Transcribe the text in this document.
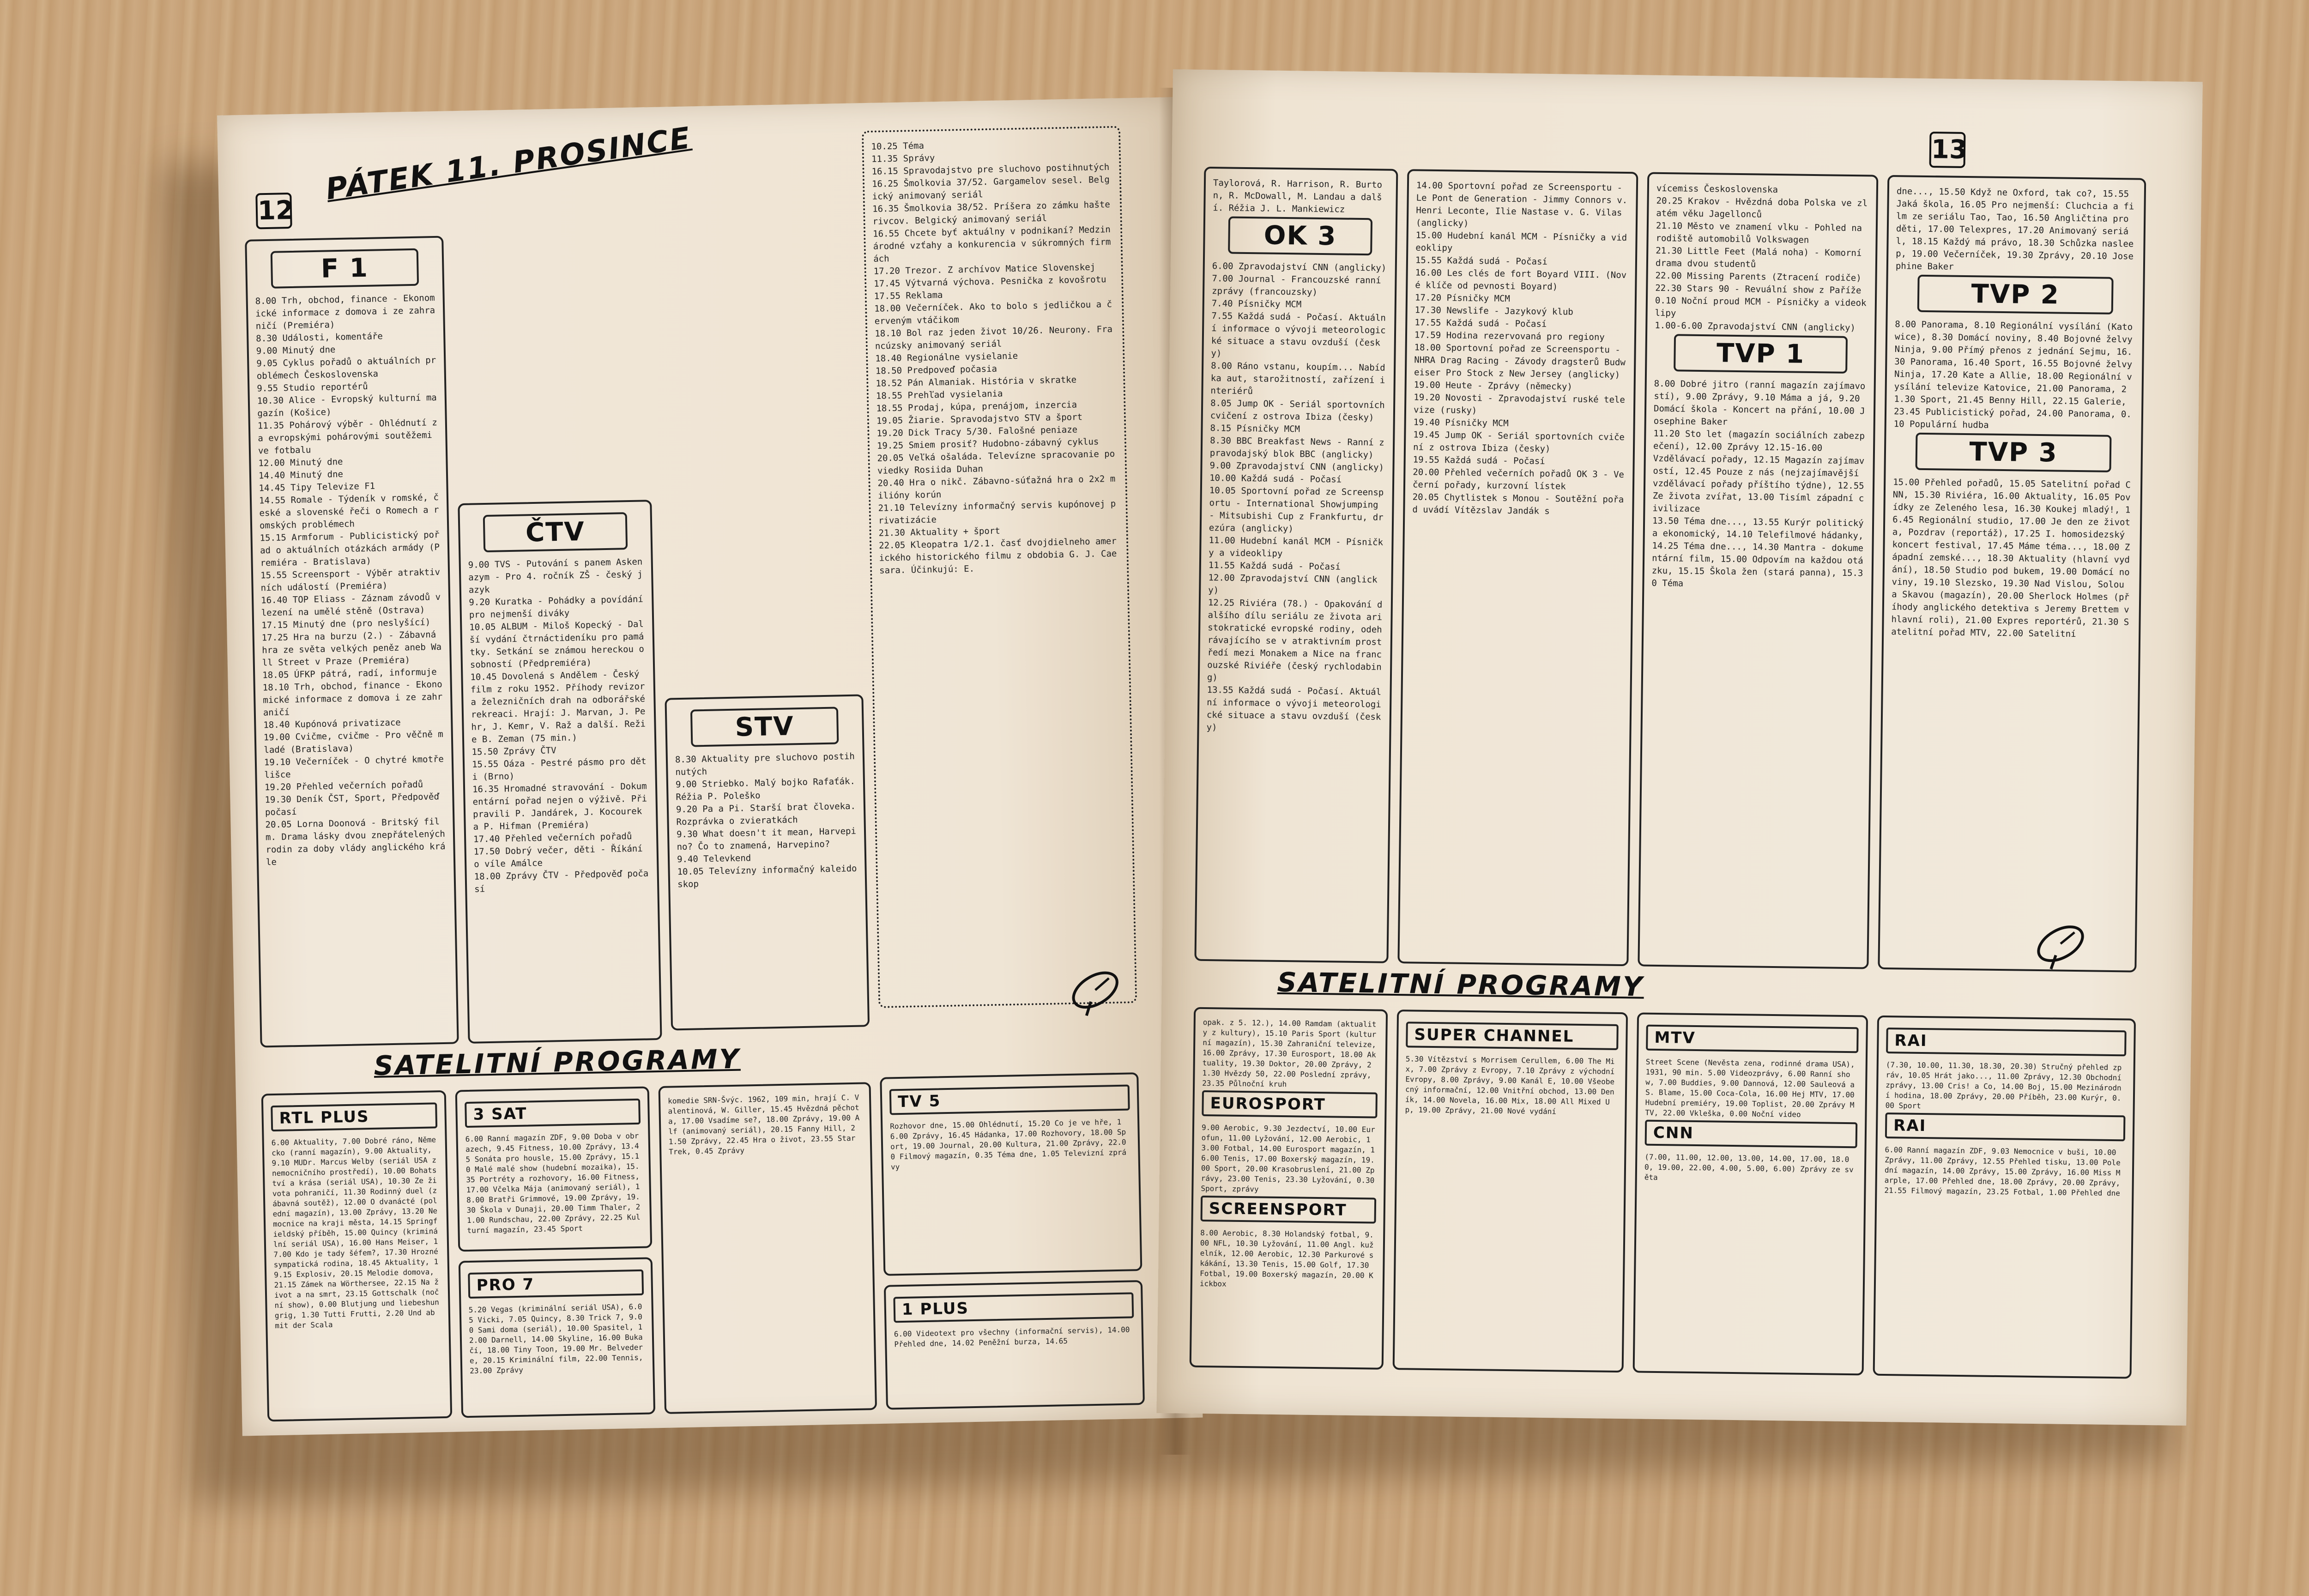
12
PÁTEK 11. PROSINCE
F 1
8.00 Trh, obchod, finance - Ekonomické informace z domova i ze zahraničí (Premiéra)
8.30 Události, komentáře
9.00 Minutý dne
9.05 Cyklus pořadů o aktuálních problémech Československa
9.55 Studio reportérů
10.30 Alice - Evropský kulturní magazín (Košice)
11.35 Pohárový výběr - Ohlédnutí za evropskými pohárovými soutěžemi ve fotbalu
12.00 Minutý dne
14.40 Minutý dne
14.45 Tipy Televize F1
14.55 Romale - Týdeník v romské, české a slovenské řeči o Romech a romských problémech
15.15 Armforum - Publicistický pořad o aktuálních otázkách armády (Premiéra - Bratislava)
15.55 Screensport - Výběr atraktivních událostí (Premiéra)
16.40 TOP Eliass - Záznam závodů v lezení na umělé stěně (Ostrava)
17.15 Minutý dne (pro neslyšící)
17.25 Hra na burzu (2.) - Zábavná hra ze světa velkých peněz aneb Wall Street v Praze (Premiéra)
18.05 ÚFKP pátrá, radí, informuje
18.10 Trh, obchod, finance - Ekonomické informace z domova i ze zahraničí
18.40 Kupónová privatizace
19.00 Cvičme, cvičme - Pro věčně mladé (Bratislava)
19.10 Večerníček - O chytré kmotře lišce
19.20 Přehled večerních pořadů
19.30 Deník ČST, Sport, Předpověď počasí
20.05 Lorna Doonová - Britský film. Drama lásky dvou znepřátelených rodin za doby vlády anglického krále
ČTV
9.00 TVS - Putování s panem Askenazym - Pro 4. ročník ZŠ - český jazyk
9.20 Kuratka - Pohádky a povídání pro nejmenší diváky
10.05 ALBUM - Miloš Kopecký - Další vydání čtrnáctideníku pro památky. Setkání se známou hereckou osobností (Předpremiéra)
10.45 Dovolená s Andělem - Český film z roku 1952. Příhody revizora železničních drah na odborářské rekreaci. Hrají: J. Marvan, J. Pehr, J. Kemr, V. Raž a další. Režie B. Zeman (75 min.)
15.50 Zprávy ČTV
15.55 Oáza - Pestré pásmo pro děti (Brno)
16.35 Hromadné stravování - Dokumentární pořad nejen o výživě. Připravili P. Jandárek, J. Kocourek a P. Hifman (Premiéra)
17.40 Přehled večerních pořadů
17.50 Dobrý večer, děti - Říkání o víle Amálce
18.00 Zprávy ČTV - Předpověď počasí
STV
8.30 Aktuality pre sluchovo postihnutých
9.00 Striebko. Malý bojko Rafaťák. Réžia P. Poleško
9.20 Pa a Pi. Starší brat človeka. Rozprávka o zvieratkách
9.30 What doesn't it mean, Harvepino? Čo to znamená, Harvepino?
9.40 Televkend
10.05 Televízny informačný kaleidoskop
10.25 Téma
11.35 Správy
16.15 Spravodajstvo pre sluchovo postihnutých
16.25 Šmolkovia 37/52. Gargamelov sesel. Belgický animovaný seriál
16.35 Šmolkovia 38/52. Príšera zo zámku hašterivcov. Belgický animovaný seriál
16.55 Chcete byť aktuálny v podnikaní? Medzinárodné vzťahy a konkurencia v súkromných firmách
17.20 Trezor. Z archívov Matice Slovenskej
17.45 Výtvarná výchova. Pesnička z kovošrotu
17.55 Reklama
18.00 Večerníček. Ako to bolo s jedličkou a červeným vtáčikom
18.10 Bol raz jeden život 10/26. Neurony. Francúzsky animovaný seriál
18.40 Regionálne vysielanie
18.50 Predpoveď počasia
18.52 Pán Almaniak. História v skratke
18.55 Prehľad vysielania
18.55 Prodaj, kúpa, prenájom, inzercia
19.05 Žiarie. Spravodajstvo STV a šport
19.20 Dick Tracy 5/30. Falošné peniaze
19.25 Smiem prosiť? Hudobno-zábavný cyklus
20.05 Veľká ošaláda. Televízne spracovanie poviedky Rosiida Duhan
20.40 Hra o nikč. Zábavno-súťažná hra o 2x2 milióny korún
21.10 Televízny informačný servis kupónovej privatizácie
21.30 Aktuality + šport
22.05 Kleopatra 1/2.1. časť dvojdielneho amerického historického filmu z obdobia G. J. Caesara. Účinkujú: E.
SATELITNÍ PROGRAMY
RTL PLUS
6.00 Aktuality, 7.00 Dobré ráno, Německo (ranní magazín), 9.00 Aktuality, 9.10 MUDr. Marcus Welby (seriál USA z nemocničního prostředí), 10.00 Bohatství a krása (seriál USA), 10.30 Ze života pohraničí, 11.30 Rodinný duel (zábavná soutěž), 12.00 O dvanácté (polední magazín), 13.00 Zprávy, 13.20 Nemocnice na kraji města, 14.15 Springfieldský příběh, 15.00 Quincy (kriminální seriál USA), 16.00 Hans Meiser, 17.00 Kdo je tady šéfem?, 17.30 Hrozné sympatická rodina, 18.45 Aktuality, 19.15 Explosiv, 20.15 Melodie domova, 21.15 Zámek na Wörthersee, 22.15 Na život a na smrt, 23.15 Gottschalk (noční show), 0.00 Blutjung und liebeshungrig, 1.30 Tutti Frutti, 2.20 Und ab mit der Scala
3 SAT
6.00 Ranní magazín ZDF, 9.00 Doba v obrazech, 9.45 Fitness, 10.00 Zprávy, 13.45 Sonáta pro housle, 15.00 Zprávy, 15.10 Malé malé show (hudební mozaika), 15.35 Portréty a rozhovory, 16.00 Fitness, 17.00 Včelka Mája (animovaný seriál), 18.00 Bratři Grimmové, 19.00 Zprávy, 19.30 Škola v Dunaji, 20.00 Timm Thaler, 21.00 Rundschau, 22.00 Zprávy, 22.25 Kulturní magazín, 23.45 Sport
PRO 7
5.20 Vegas (kriminální seriál USA), 6.05 Vicki, 7.05 Quincy, 8.30 Trick 7, 9.00 Sami doma (seriál), 10.00 Spasitel, 12.00 Darnell, 14.00 Skyline, 16.00 Bukačí, 18.00 Tiny Toon, 19.00 Mr. Belvedere, 20.15 Kriminální film, 22.00 Tennis, 23.00 Zprávy
komedie SRN-Švýc. 1962, 109 min, hrají C. Valentinová, W. Giller, 15.45 Hvězdná pěchota, 17.00 Vsadíme se?, 18.00 Zprávy, 19.00 Alf (animovaný seriál), 20.15 Fanny Hill, 21.50 Zprávy, 22.45 Hra o život, 23.55 Star Trek, 0.45 Zprávy
TV 5
Rozhovor dne, 15.00 Ohlédnutí, 15.20 Co je ve hře, 16.00 Zprávy, 16.45 Hádanka, 17.00 Rozhovory, 18.00 Sport, 19.00 Journal, 20.00 Kultura, 21.00 Zprávy, 22.00 Filmový magazín, 0.35 Téma dne, 1.05 Televizní zprávy
1 PLUS
6.00 Videotext pro všechny (informační servis), 14.00 Přehled dne, 14.02 Peněžní burza, 14.65
13
Taylorová, R. Harrison, R. Burton, R. McDowall, M. Landau a další. Réžia J. L. Mankiewicz
OK 3
6.00 Zpravodajství CNN (anglicky)
7.00 Journal - Francouzské ranní zprávy (francouzsky)
7.40 Písničky MCM
7.55 Každá sudá - Počasí. Aktuální informace o vývoji meteorologické situace a stavu ovzduší (česky)
8.00 Ráno vstanu, koupím... Nabídka aut, starožitností, zařízení interiérů
8.05 Jump OK - Seriál sportovních cvičení z ostrova Ibiza (česky)
8.15 Písničky MCM
8.30 BBC Breakfast News - Ranní zpravodajský blok BBC (anglicky)
9.00 Zpravodajství CNN (anglicky)
10.00 Každá sudá - Počasí
10.05 Sportovní pořad ze Screensportu - International Showjumping - Mitsubishi Cup z Frankfurtu, drezúra (anglicky)
11.00 Hudební kanál MCM - Písničky a videoklipy
11.55 Každá sudá - Počasí
12.00 Zpravodajství CNN (anglicky)
12.25 Riviéra (78.) - Opakování dalšího dílu seriálu ze života aristokratické evropské rodiny, odehrávajícího se v atraktivním prostředí mezi Monakem a Nice na francouzské Riviéře (český rychlodabing)
13.55 Každá sudá - Počasí. Aktuální informace o vývoji meteorologické situace a stavu ovzduší (česky)
14.00 Sportovní pořad ze Screensportu - Le Pont de Generation - Jimmy Connors v. Henri Leconte, Ilie Nastase v. G. Vilas (anglicky)
15.00 Hudební kanál MCM - Písničky a videoklipy
15.55 Každá sudá - Počasí
16.00 Les clés de fort Boyard VIII. (Nové klíče od pevnosti Boyard)
17.20 Písničky MCM
17.30 Newslife - Jazykový klub
17.55 Každá sudá - Počasí
17.59 Hodina rezervovaná pro regiony
18.00 Sportovní pořad ze Screensportu - NHRA Drag Racing - Závody dragsterů Budweiser Pro Stock z New Jersey (anglicky)
19.00 Heute - Zprávy (německy)
19.20 Novosti - Zpravodajství ruské televize (rusky)
19.40 Písničky MCM
19.45 Jump OK - Seriál sportovních cvičení z ostrova Ibiza (česky)
19.55 Každá sudá - Počasí
20.00 Přehled večerních pořadů OK 3 - Večerní pořady, kurzovní lístek
20.05 Chytlistek s Monou - Soutěžní pořad uvádí Vítězslav Jandák s
vícemiss Československa
20.25 Krakov - Hvězdná doba Polska ve zlatém věku Jagellonců
21.10 Město ve znamení vlku - Pohled na rodiště automobilů Volkswagen
21.30 Little Feet (Malá noha) - Komorní drama dvou studentů
22.00 Missing Parents (Ztracení rodiče)
22.30 Stars 90 - Revuální show z Paříže
0.10 Noční proud MCM - Písničky a videoklipy
1.00-6.00 Zpravodajství CNN (anglicky)
TVP 1
8.00 Dobré jitro (ranní magazín zajímavostí), 9.00 Zprávy, 9.10 Máma a já, 9.20 Domácí škola - Koncert na přání, 10.00 Josephine Baker
11.20 Sto let (magazín sociálních zabezpečení), 12.00 Zprávy 12.15-16.00
Vzdělávací pořady, 12.15 Magazín zajímavostí, 12.45 Pouze z nás (nejzajímavější vzdělávací pořady příštího týdne), 12.55 Ze života zvířat, 13.00 Tisíml západní civilizace
13.50 Téma dne..., 13.55 Kurýr politický a ekonomický, 14.10 Telefilmové hádanky, 14.25 Téma dne..., 14.30 Mantra - dokumentární film, 15.00 Odpovím na každou otázku, 15.15 Škola žen (stará panna), 15.30 Téma
dne..., 15.50 Když ne Oxford, tak co?, 15.55 Jaká škola, 16.05 Pro nejmenší: Cluchcia a film ze seriálu Tao, Tao, 16.50 Angličtina pro děti, 17.00 Telexpres, 17.20 Animovaný seriál, 18.15 Každý má právo, 18.30 Schůzka nasleep, 19.00 Večerníček, 19.30 Zprávy, 20.10 Josephine Baker
TVP 2
8.00 Panorama, 8.10 Regionální vysílání (Katowice), 8.30 Domácí noviny, 8.40 Bojovné želvy Ninja, 9.00 Přímý přenos z jednání Sejmu, 16.30 Panorama, 16.40 Sport, 16.55 Bojovné želvy Ninja, 17.20 Kate a Allie, 18.00 Regionální vysílání televize Katovice, 21.00 Panorama, 21.30 Sport, 21.45 Benny Hill, 22.15 Galerie, 23.45 Publicistický pořad, 24.00 Panorama, 0.10 Populární hudba
TVP 3
15.00 Přehled pořadů, 15.05 Satelitní pořad CNN, 15.30 Riviéra, 16.00 Aktuality, 16.05 Povídky ze Zeleného lesa, 16.30 Koukej mladý!, 16.45 Regionální studio, 17.00 Je den ze života, Pozdrav (reportáž), 17.25 I. homosidezský koncert festival, 17.45 Máme téma..., 18.00 Západní zemské..., 18.30 Aktuality (hlavní vydání), 18.50 Studio pod bukem, 19.00 Domácí noviny, 19.10 Slezsko, 19.30 Nad Vislou, Solou a Skavou (magazín), 20.00 Sherlock Holmes (příhody anglického detektiva s Jeremy Brettem v hlavní roli), 21.00 Expres reportérů, 21.30 Satelitní pořad MTV, 22.00 Satelitní
SATELITNÍ PROGRAMY
opak. z 5. 12.), 14.00 Ramdam (aktuality z kultury), 15.10 Paris Sport (kulturní magazín), 15.30 Zahraniční televize, 16.00 Zprávy, 17.30 Eurosport, 18.00 Aktuality, 19.30 Doktor, 20.00 Zprávy, 21.30 Hvězdy 50, 22.00 Poslední zprávy, 23.35 Půlnoční kruh
EUROSPORT
9.00 Aerobic, 9.30 Jezdectví, 10.00 Eurofun, 11.00 Lyžování, 12.00 Aerobic, 13.00 Fotbal, 14.00 Eurosport magazín, 16.00 Tenis, 17.00 Boxerský magazín, 19.00 Sport, 20.00 Krasobruslení, 21.00 Zprávy, 23.00 Tenis, 23.30 Lyžování, 0.30 Sport, zprávy
SCREENSPORT
8.00 Aerobic, 8.30 Holandský fotbal, 9.00 NFL, 10.30 Lyžování, 11.00 Angl. kuželník, 12.00 Aerobic, 12.30 Parkurové skákání, 13.30 Tenis, 15.00 Golf, 17.30 Fotbal, 19.00 Boxerský magazín, 20.00 Kickbox
SUPER CHANNEL
5.30 Vítězství s Morrisem Cerullem, 6.00 The Mix, 7.00 Zprávy z Evropy, 7.10 Zprávy z východní Evropy, 8.00 Zprávy, 9.00 Kanál E, 10.00 Všeobecný informační, 12.00 Vnitřní obchod, 13.00 Deník, 14.00 Novela, 16.00 Mix, 18.00 All Mixed Up, 19.00 Zprávy, 21.00 Nové vydání
MTV
Street Scene (Nevěsta zena, rodinné drama USA), 1931, 90 min. 5.00 Videozprávy, 6.00 Ranní show, 7.00 Buddies, 9.00 Dannová, 12.00 Sauleová a S. Blame, 15.00 Coca-Cola, 16.00 Hej MTV, 17.00 Hudební premiéry, 19.00 Toplist, 20.00 Zprávy MTV, 22.00 Vkleška, 0.00 Noční video
CNN
(7.00, 11.00, 12.00, 13.00, 14.00, 17.00, 18.00, 19.00, 22.00, 4.00, 5.00, 6.00) Zprávy ze světa
RAI
(7.30, 10.00, 11.30, 18.30, 20.30) Stručný přehled zpráv, 10.05 Hrát jako..., 11.00 Zprávy, 12.30 Obchodní zprávy, 13.00 Cris! a Co, 14.00 Boj, 15.00 Mezinárodní hodina, 18.00 Zprávy, 20.00 Příběh, 23.00 Kurýr, 0.00 Sport
RAI
6.00 Ranní magazín ZDF, 9.03 Nemocnice v buši, 10.00 Zprávy, 11.00 Zprávy, 12.55 Přehled tisku, 13.00 Polední magazín, 14.00 Zprávy, 15.00 Zprávy, 16.00 Miss Marple, 17.00 Přehled dne, 18.00 Zprávy, 20.00 Zprávy, 21.55 Filmový magazín, 23.25 Fotbal, 1.00 Přehled dne
